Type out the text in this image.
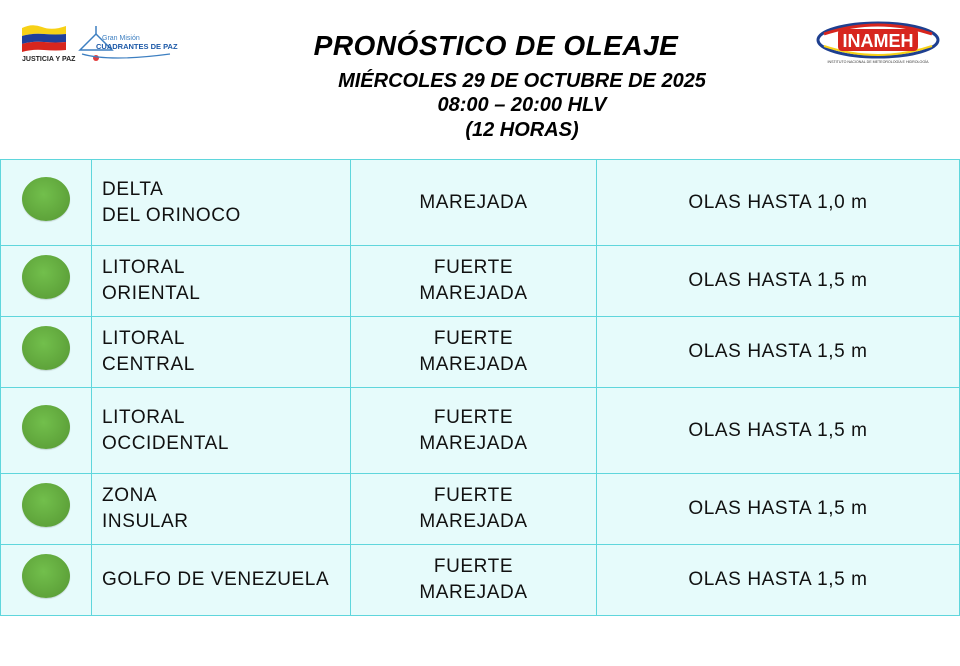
JUSTICIA Y PAZ
Gran Misión
CUADRANTES DE PAZ	INAMEH
INSTITUTO NACIONAL DE METEOROLOGÍA E HIDROLOGÍA
PRONÓSTICO DE OLEAJE
MIÉRCOLES 29 DE OCTUBRE DE 2025
08:00 – 20:00 HLV
(12 HORAS)

	DELTA
DEL ORINOCO	MAREJADA	OLAS HASTA 1,0 m

	LITORAL
ORIENTAL	FUERTE
MAREJADA	OLAS HASTA 1,5 m

	LITORAL
CENTRAL	FUERTE
MAREJADA	OLAS HASTA 1,5 m

	LITORAL
OCCIDENTAL	FUERTE
MAREJADA	OLAS HASTA 1,5 m

	ZONA
INSULAR	FUERTE
MAREJADA	OLAS HASTA 1,5 m

	GOLFO DE VENEZUELA	FUERTE
MAREJADA	OLAS HASTA 1,5 m
